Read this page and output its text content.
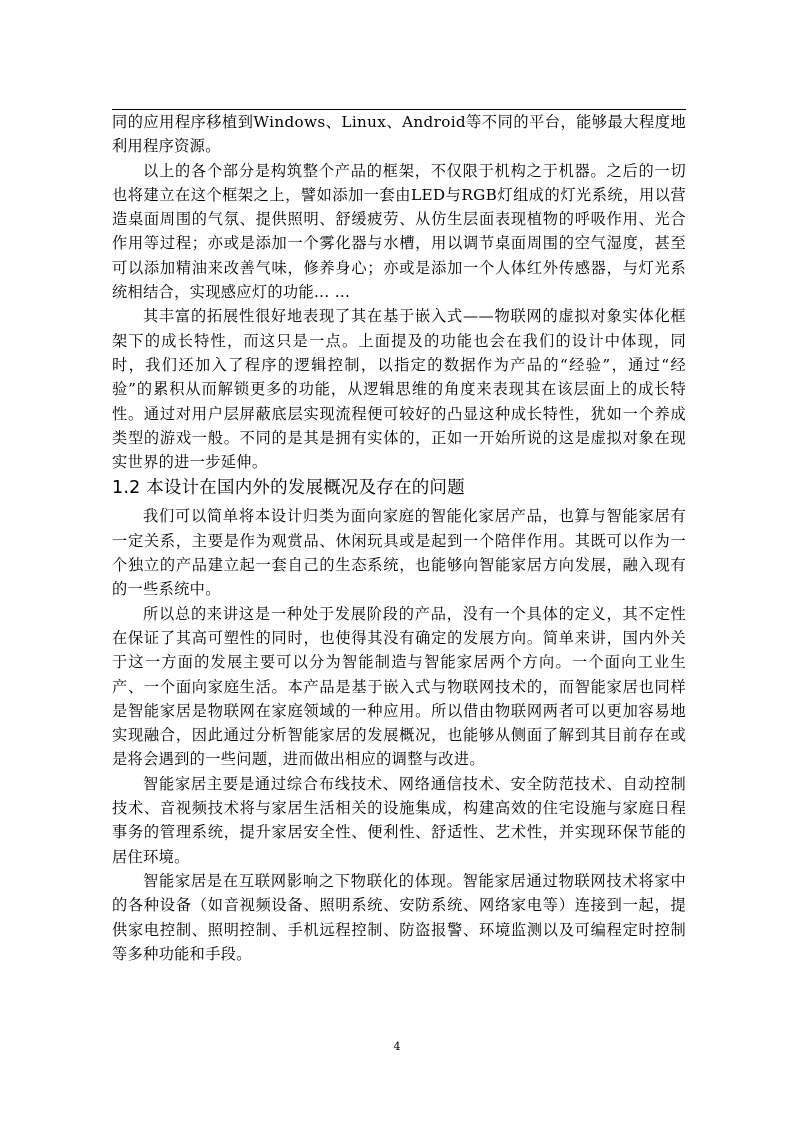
同的应用程序移植到Windows、Linux、Android等不同的平台，能够最大程度地利用程序资源。

以上的各个部分是构筑整个产品的框架，不仅限于机构之于机器。之后的一切也将建立在这个框架之上，譬如添加一套由LED与RGB灯组成的灯光系统，用以营造桌面周围的气氛、提供照明、舒缓疲劳、从仿生层面表现植物的呼吸作用、光合作用等过程；亦或是添加一个雾化器与水槽，用以调节桌面周围的空气湿度，甚至可以添加精油来改善气味，修养身心；亦或是添加一个人体红外传感器，与灯光系统相结合，实现感应灯的功能... ...

其丰富的拓展性很好地表现了其在基于嵌入式——物联网的虚拟对象实体化框架下的成长特性，而这只是一点。上面提及的功能也会在我们的设计中体现，同时，我们还加入了程序的逻辑控制，以指定的数据作为产品的“经验”，通过“经验”的累积从而解锁更多的功能，从逻辑思维的角度来表现其在该层面上的成长特性。通过对用户层屏蔽底层实现流程便可较好的凸显这种成长特性，犹如一个养成类型的游戏一般。不同的是其是拥有实体的，正如一开始所说的这是虚拟对象在现实世界的进一步延伸。

1.2 本设计在国内外的发展概况及存在的问题

我们可以简单将本设计归类为面向家庭的智能化家居产品，也算与智能家居有一定关系，主要是作为观赏品、休闲玩具或是起到一个陪伴作用。其既可以作为一个独立的产品建立起一套自己的生态系统，也能够向智能家居方向发展，融入现有的一些系统中。

所以总的来讲这是一种处于发展阶段的产品，没有一个具体的定义，其不定性在保证了其高可塑性的同时，也使得其没有确定的发展方向。简单来讲，国内外关于这一方面的发展主要可以分为智能制造与智能家居两个方向。一个面向工业生产、一个面向家庭生活。本产品是基于嵌入式与物联网技术的，而智能家居也同样是智能家居是物联网在家庭领域的一种应用。所以借由物联网两者可以更加容易地实现融合，因此通过分析智能家居的发展概况，也能够从侧面了解到其目前存在或是将会遇到的一些问题，进而做出相应的调整与改进。

智能家居主要是通过综合布线技术、网络通信技术、安全防范技术、自动控制技术、音视频技术将与家居生活相关的设施集成，构建高效的住宅设施与家庭日程事务的管理系统，提升家居安全性、便利性、舒适性、艺术性，并实现环保节能的居住环境。

智能家居是在互联网影响之下物联化的体现。智能家居通过物联网技术将家中的各种设备（如音视频设备、照明系统、安防系统、网络家电等）连接到一起，提供家电控制、照明控制、手机远程控制、防盗报警、环境监测以及可编程定时控制等多种功能和手段。

4
